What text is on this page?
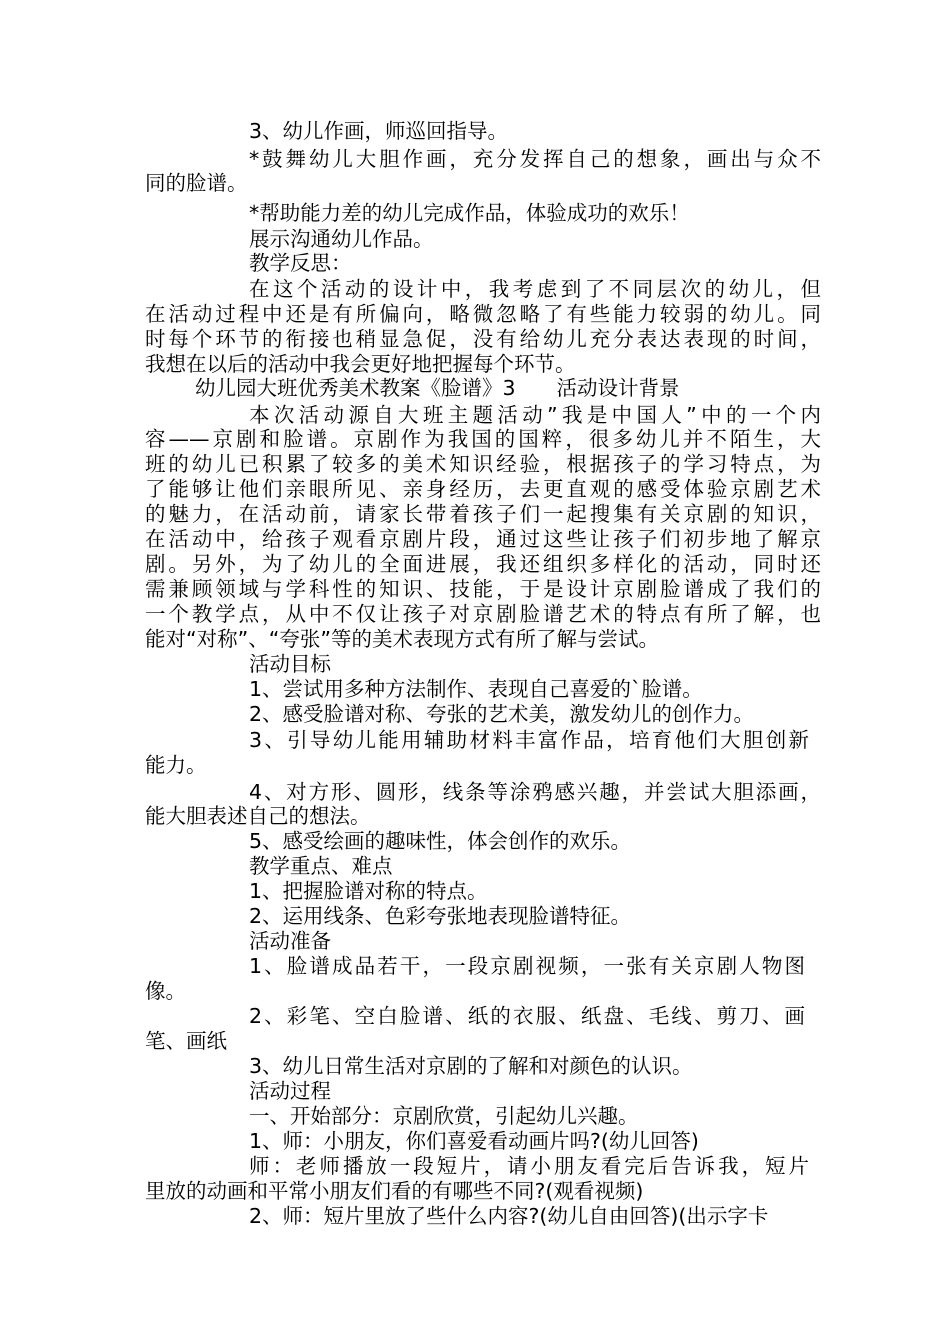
3、幼儿作画，师巡回指导。
*鼓舞幼儿大胆作画，充分发挥自己的想象，画出与众不
同的脸谱。
*帮助能力差的幼儿完成作品，体验成功的欢乐！
展示沟通幼儿作品。
教学反思：
在这个活动的设计中，我考虑到了不同层次的幼儿，但
在活动过程中还是有所偏向，略微忽略了有些能力较弱的幼儿。同
时每个环节的衔接也稍显急促，没有给幼儿充分表达表现的时间，
我想在以后的活动中我会更好地把握每个环节。
幼儿园大班优秀美术教案《脸谱》3　　活动设计背景
本次活动源自大班主题活动”我是中国人”中的一个内
容——京剧和脸谱。京剧作为我国的国粹，很多幼儿并不陌生，大
班的幼儿已积累了较多的美术知识经验，根据孩子的学习特点，为
了能够让他们亲眼所见、亲身经历，去更直观的感受体验京剧艺术
的魅力，在活动前，请家长带着孩子们一起搜集有关京剧的知识，
在活动中，给孩子观看京剧片段，通过这些让孩子们初步地了解京
剧。另外，为了幼儿的全面进展，我还组织多样化的活动，同时还
需兼顾领域与学科性的知识、技能，于是设计京剧脸谱成了我们的
一个教学点，从中不仅让孩子对京剧脸谱艺术的特点有所了解，也
能对“对称”、“夸张”等的美术表现方式有所了解与尝试。
活动目标
1、尝试用多种方法制作、表现自己喜爱的`脸谱。
2、感受脸谱对称、夸张的艺术美，激发幼儿的创作力。
3、引导幼儿能用辅助材料丰富作品，培育他们大胆创新
能力。
4、对方形、圆形，线条等涂鸦感兴趣，并尝试大胆添画，
能大胆表述自己的想法。
5、感受绘画的趣味性，体会创作的欢乐。
教学重点、难点
1、把握脸谱对称的特点。
2、运用线条、色彩夸张地表现脸谱特征。
活动准备
1、脸谱成品若干，一段京剧视频，一张有关京剧人物图
像。
2、彩笔、空白脸谱、纸的衣服、纸盘、毛线、剪刀、画
笔、画纸
3、幼儿日常生活对京剧的了解和对颜色的认识。
活动过程
一、开始部分：京剧欣赏，引起幼儿兴趣。
1、师：小朋友，你们喜爱看动画片吗?(幼儿回答)
师：老师播放一段短片，请小朋友看完后告诉我，短片
里放的动画和平常小朋友们看的有哪些不同?(观看视频)
2、师：短片里放了些什么内容?(幼儿自由回答)(出示字卡
